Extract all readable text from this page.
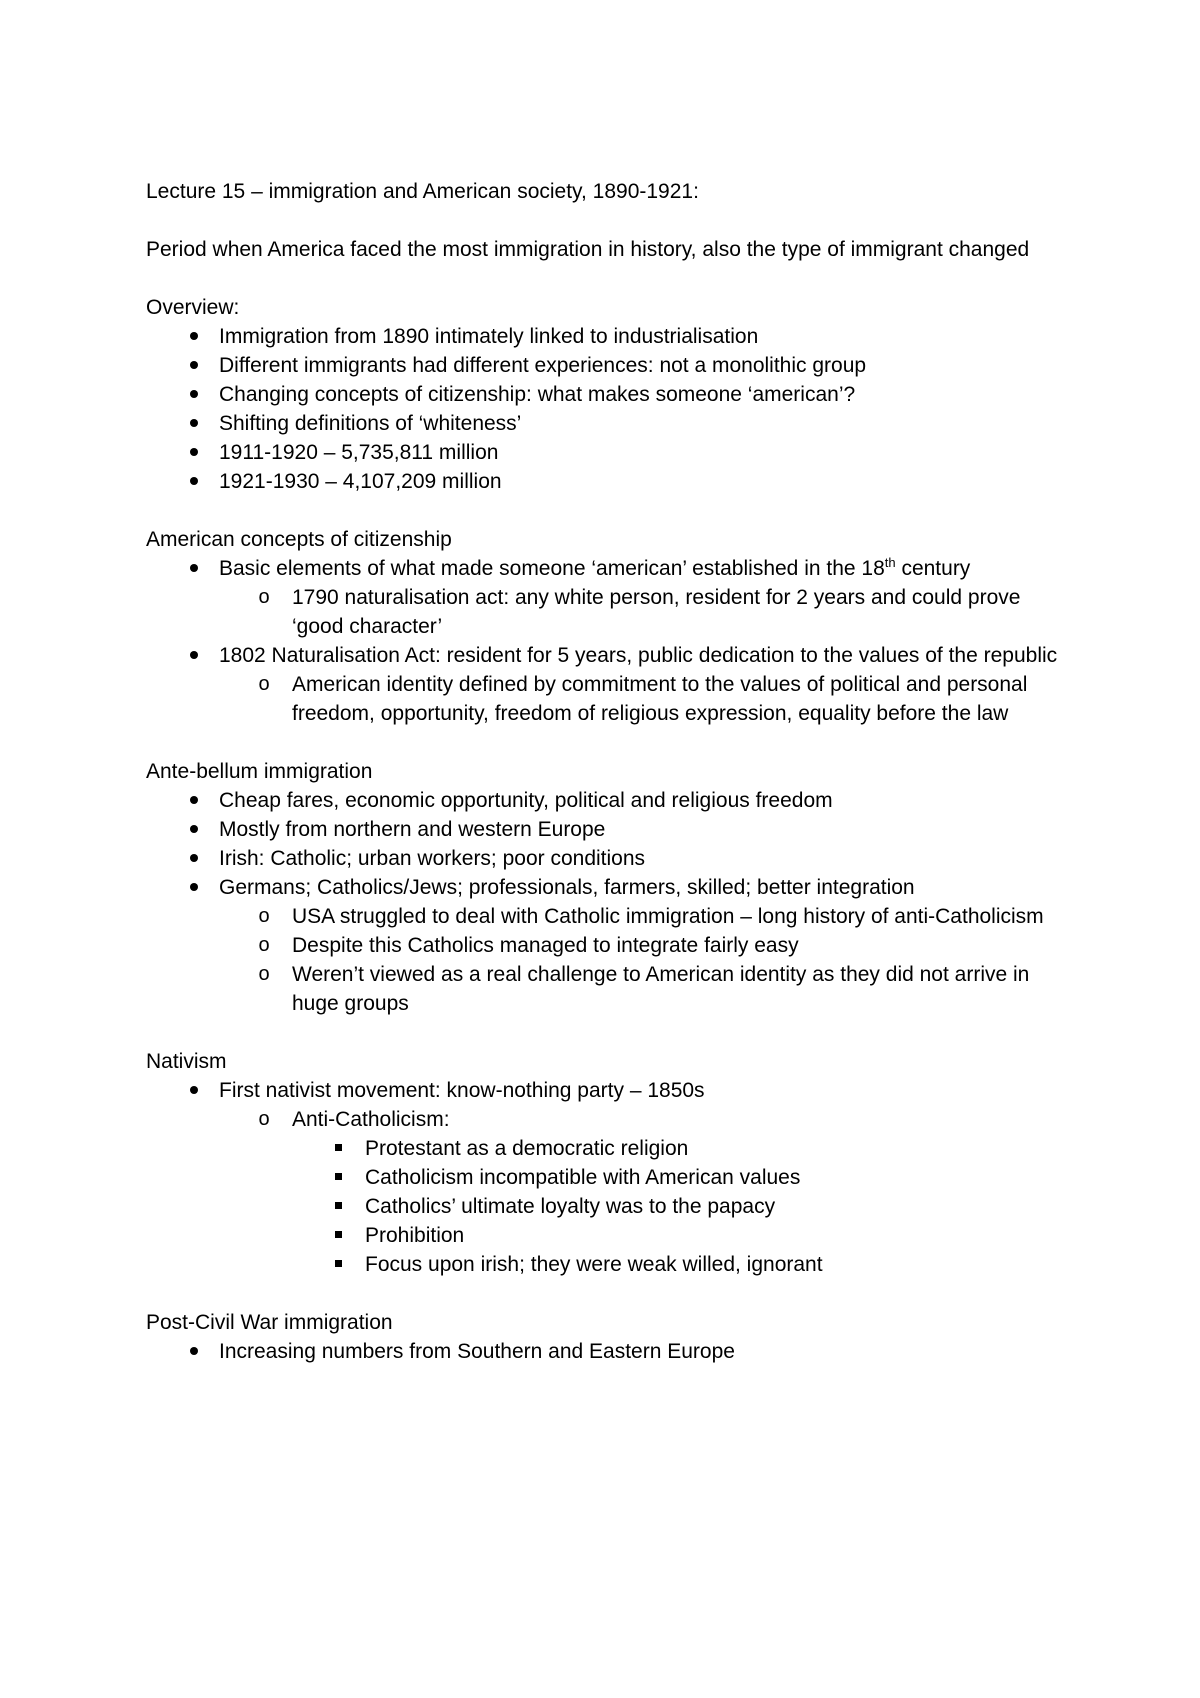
Lecture 15 – immigration and American society, 1890-1921:

Period when America faced the most immigration in history, also the type of immigrant changed

Overview:

Immigration from 1890 intimately linked to industrialisation
Different immigrants had different experiences: not a monolithic group
Changing concepts of citizenship: what makes someone ‘american’?
Shifting definitions of ‘whiteness’
1911-1920 – 5,735,811 million
1921-1930 – 4,107,209 million

American concepts of citizenship

Basic elements of what made someone ‘american’ established in the 18th century
o	1790 naturalisation act: any white person, resident for 2 years and could prove ‘good character’
1802 Naturalisation Act: resident for 5 years, public dedication to the values of the republic
o	American identity defined by commitment to the values of political and personal freedom, opportunity, freedom of religious expression, equality before the law

Ante-bellum immigration

Cheap fares, economic opportunity, political and religious freedom
Mostly from northern and western Europe
Irish: Catholic; urban workers; poor conditions
Germans; Catholics/Jews; professionals, farmers, skilled; better integration
o	USA struggled to deal with Catholic immigration – long history of anti-Catholicism
o	Despite this Catholics managed to integrate fairly easy
o	Weren’t viewed as a real challenge to American identity as they did not arrive in huge groups

Nativism

First nativist movement: know-nothing party – 1850s
o	Anti-Catholicism:
Protestant as a democratic religion
Catholicism incompatible with American values
Catholics’ ultimate loyalty was to the papacy
Prohibition
Focus upon irish; they were weak willed, ignorant

Post-Civil War immigration

Increasing numbers from Southern and Eastern Europe
